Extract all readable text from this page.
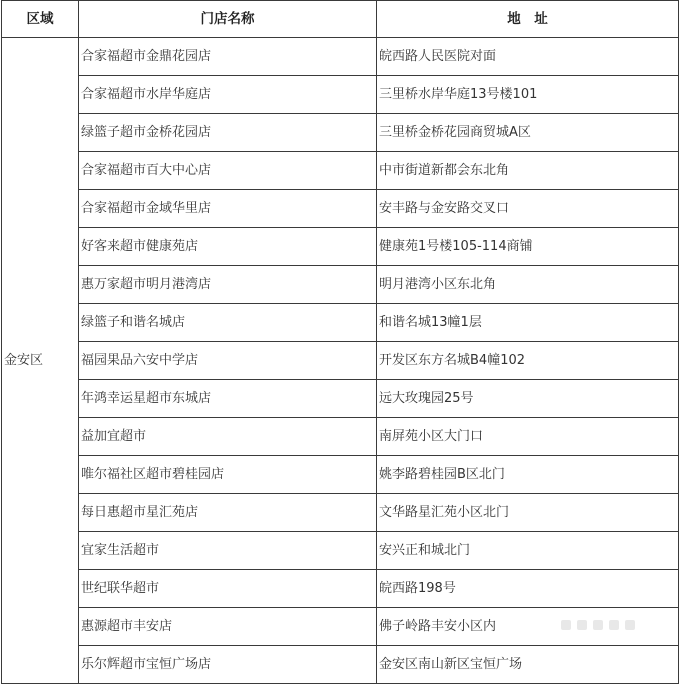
区域	门店名称	地　址
金安区	合家福超市金鼎花园店	皖西路人民医院对面
	合家福超市水岸华庭店	三里桥水岸华庭13号楼101
	绿篮子超市金桥花园店	三里桥金桥花园商贸城A区
	合家福超市百大中心店	中市街道新都会东北角
	合家福超市金域华里店	安丰路与金安路交叉口
	好客来超市健康苑店	健康苑1号楼105-114商铺
	惠万家超市明月港湾店	明月港湾小区东北角
	绿篮子和谐名城店	和谐名城13幢1层
	福园果品六安中学店	开发区东方名城B4幢102
	年鸿幸运星超市东城店	远大玫瑰园25号
	益加宜超市	南屏苑小区大门口
	唯尔福社区超市碧桂园店	姚李路碧桂园B区北门
	每日惠超市星汇苑店	文华路星汇苑小区北门
	宜家生活超市	安兴正和城北门
	世纪联华超市	皖西路198号
	惠源超市丰安店	佛子岭路丰安小区内
	乐尔辉超市宝恒广场店	金安区南山新区宝恒广场
